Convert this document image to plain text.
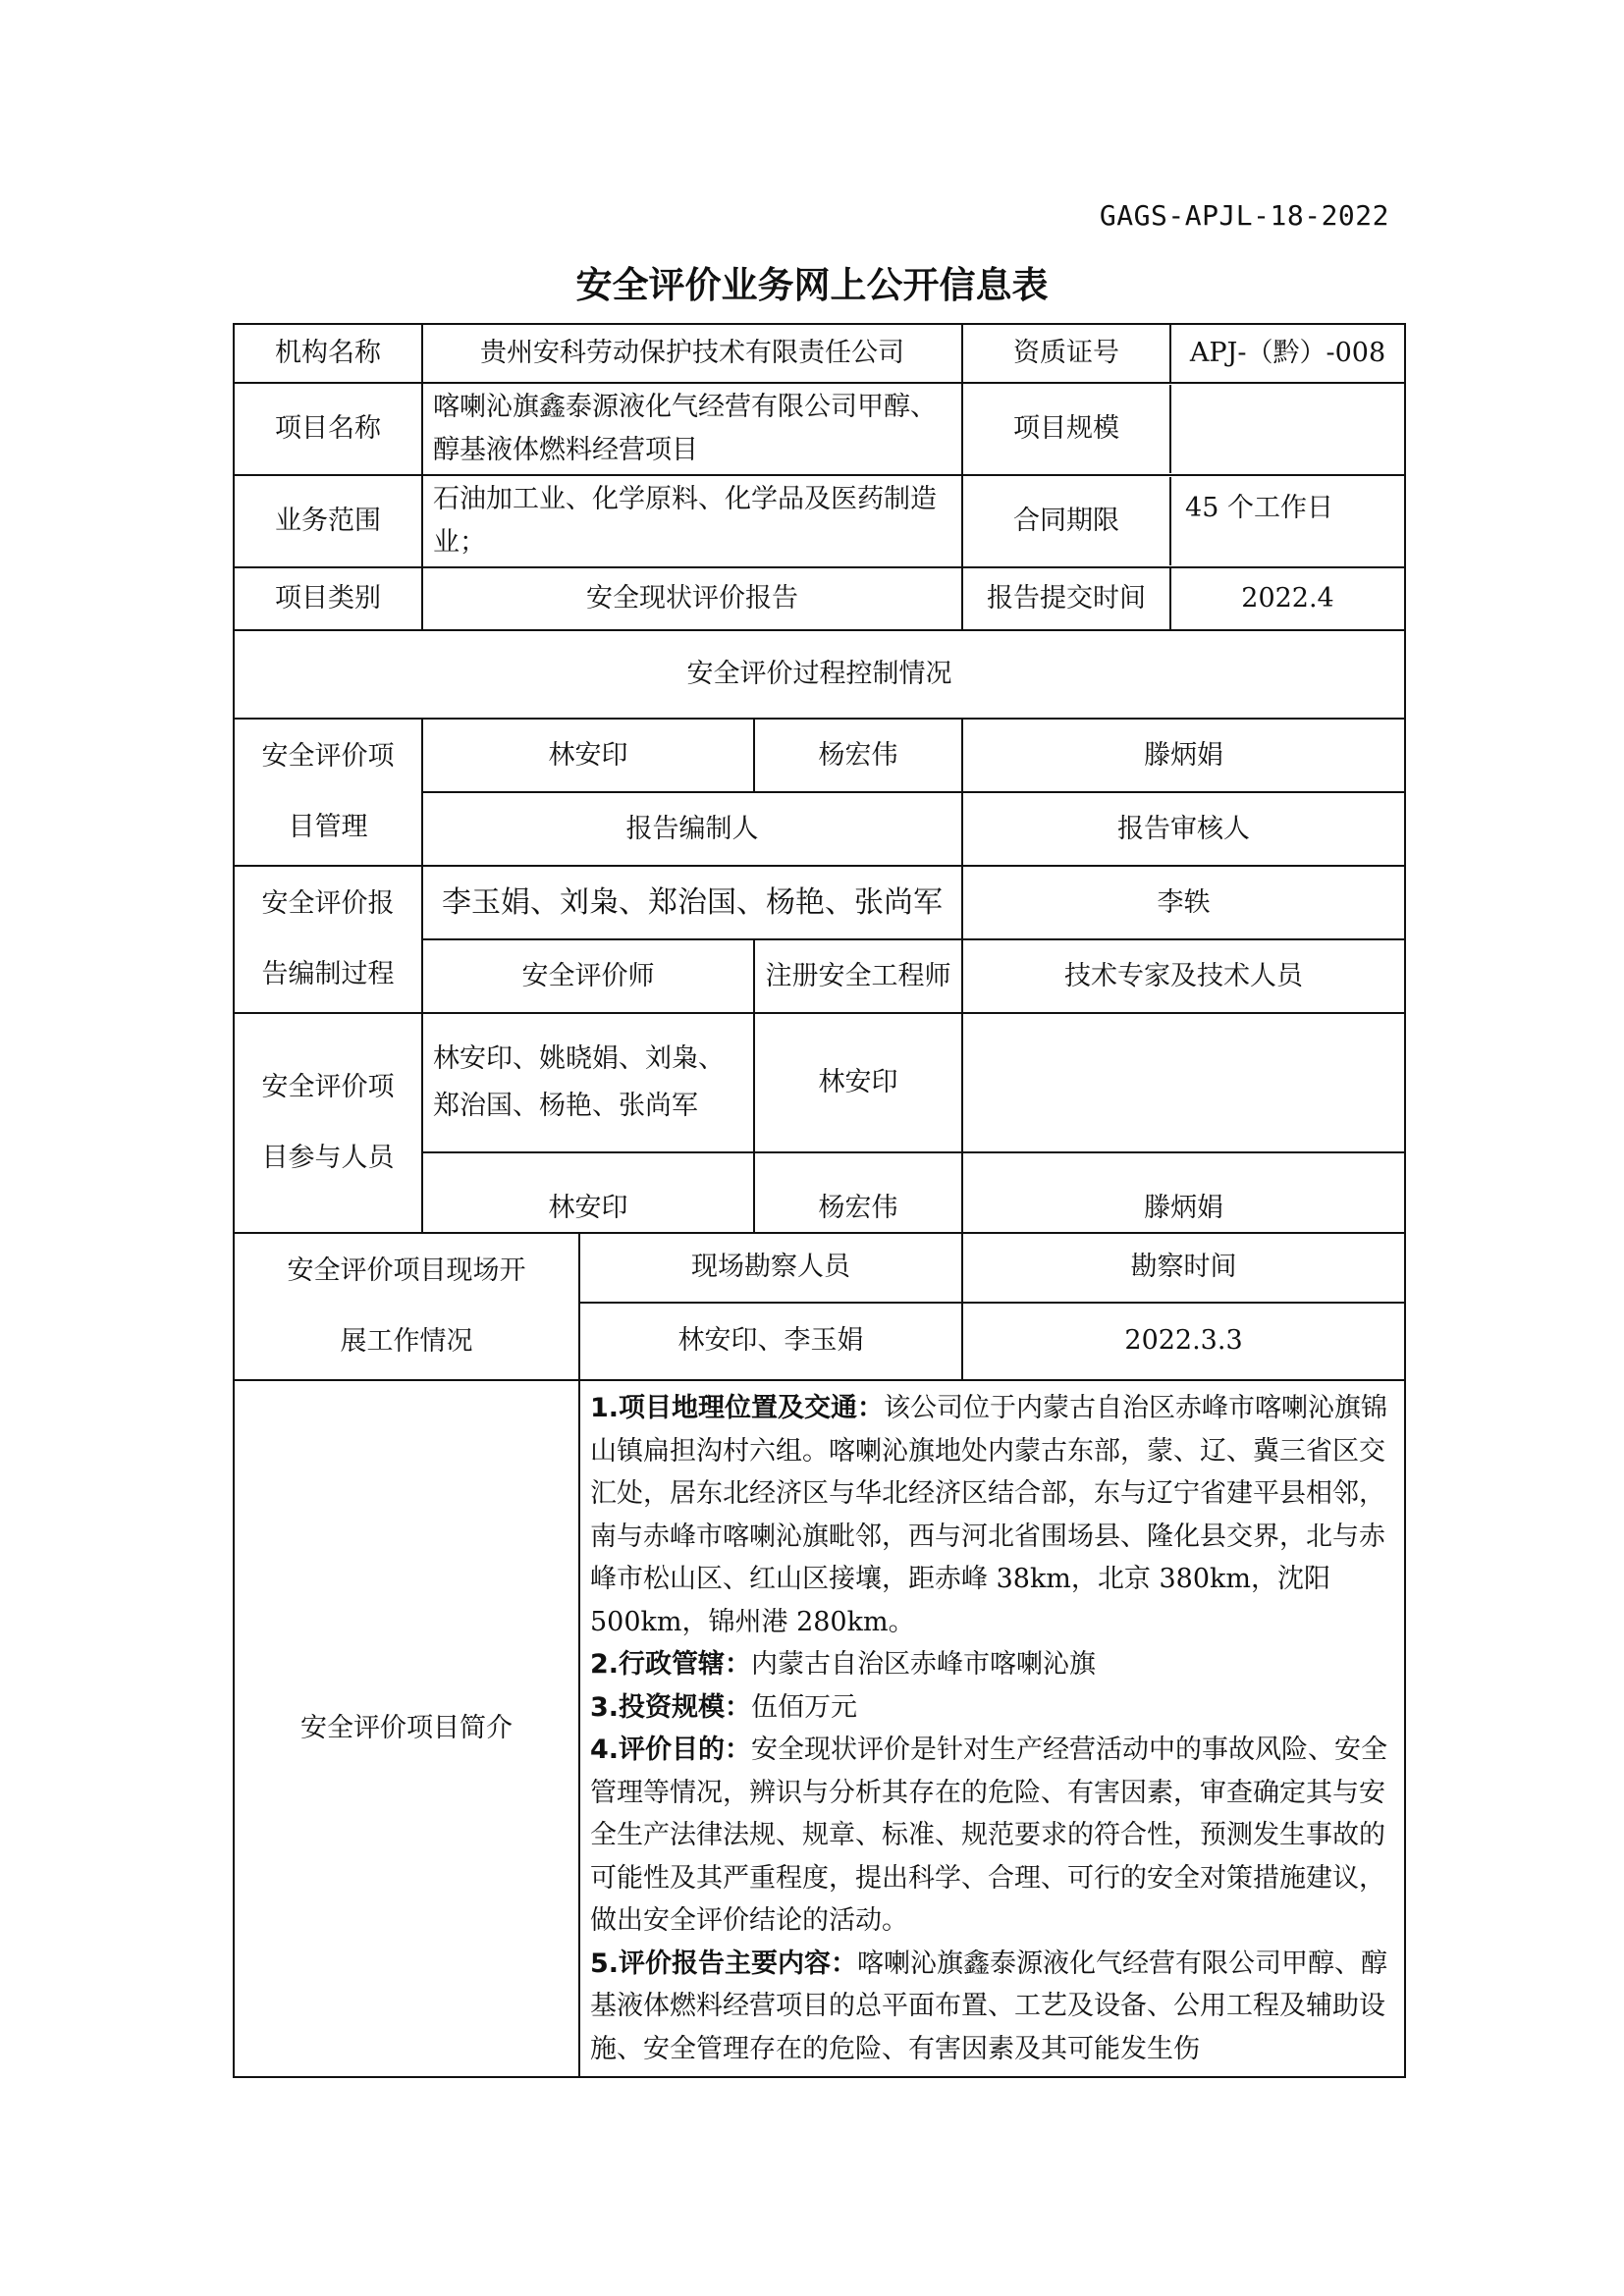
GAGS-APJL-18-2022
安全评价业务网上公开信息表
机构名称	贵州安科劳动保护技术有限责任公司			资质证号 APJ-（黔）-008

项目名称	喀喇沁旗鑫泰源液化气经营有限公司甲醇、醇基液体燃料经营项目			项目规模

业务范围	石油加工业、化学原料、化学品及医药制造业；			合同期限 45 个工作日

项目类别	安全现状评价报告			报告提交时间 2022.4

安全评价过程控制情况				

安全评价项目管理	林安印		杨宏伟	滕炳娟
	报告编制人			报告审核人

安全评价报告编制过程	李玉娟、刘枭、郑治国、杨艳、张尚军			李轶
	安全评价师		注册安全工程师	技术专家及技术人员

安全评价项目参与人员	林安印、姚晓娟、刘枭、郑治国、杨艳、张尚军		林安印	
	林安印		杨宏伟	滕炳娟

安全评价项目现场开展工作情况		现场勘察人员		勘察时间
		林安印、李玉娟		2022.3.3
安全评价项目简介		1.项目地理位置及交通：该公司位于内蒙古自治区赤峰市喀喇沁旗锦山镇扁担沟村六组。喀喇沁旗地处内蒙古东部，蒙、辽、冀三省区交汇处，居东北经济区与华北经济区结合部，东与辽宁省建平县相邻，南与赤峰市喀喇沁旗毗邻，西与河北省围场县、隆化县交界，北与赤峰市松山区、红山区接壤，距赤峰 38km，北京 380km，沈阳 500km，锦州港 280km。

2.行政管辖：内蒙古自治区赤峰市喀喇沁旗

3.投资规模：伍佰万元

4.评价目的：安全现状评价是针对生产经营活动中的事故风险、安全管理等情况，辨识与分析其存在的危险、有害因素，审查确定其与安全生产法律法规、规章、标准、规范要求的符合性，预测发生事故的可能性及其严重程度，提出科学、合理、可行的安全对策措施建议，做出安全评价结论的活动。

5.评价报告主要内容：喀喇沁旗鑫泰源液化气经营有限公司甲醇、醇基液体燃料经营项目的总平面布置、工艺及设备、公用工程及辅助设施、安全管理存在的危险、有害因素及其可能发生伤		
